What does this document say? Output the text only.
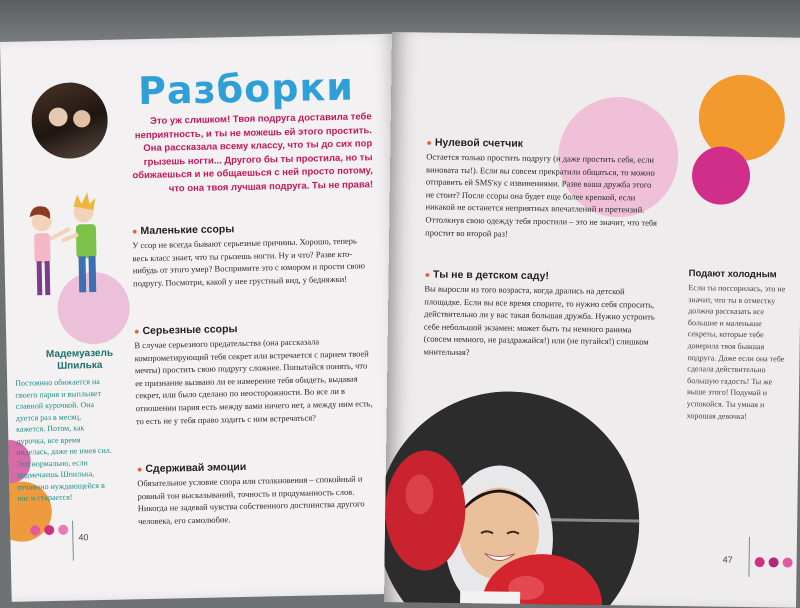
Разборки
Это уж слишком! Твоя подруга доставила тебе неприятность, и ты не можешь ей этого простить. Она рассказала всему классу, что ты до сих пор грызешь ногти... Другого бы ты простила, но ты обижаешься и не общаешься с ней просто потому, что она твоя лучшая подруга. Ты не права!

● Маленькие ссоры

У ссор не всегда бывают серьезные причины. Хорошо, теперь весь класс знает, что ты грызешь ногти. Ну и что? Разве кто-нибудь от этого умер? Воспримите это с юмором и прости свою подругу. Посмотри, какой у нее грустный вид, у бедняжки!

● Серьезные ссоры

В случае серьезного предательства (она рассказала компрометирующий тебя секрет или встречается с парнем твоей мечты) простить свою подругу сложнее. Попытайся понять, что ее признание вызвано ли ее намерение тебя обидеть, выдавая секрет, или было сделано по неосторожности. Во все ли в отношении парня есть между вами ничего нет, а между ним есть, то есть не у тебя право ходить с ним встречаться?

● Сдерживай эмоции

Обязательное условие спора или столкновения – спокойный и ровный тон высказываний, точность и продуманность слов. Никогда не задевай чувства собственного достоинства другого человека, его самолюбие.

Мадемуазель Шпилька
Постоянно обижается на своего парня и выплывет славной курочкой. Она дуется раз в месяц, кажется. Потом, как дурочка, все время виделась, даже не имея сил. Это нормально, если подмечаешь Шпилька, отчаянно нуждающейся в нас и старается!
40

● Нулевой счетчик

Остается только простить подругу (и даже простить себя, если виновата ты!). Если вы совсем прекратили общаться, то можно отправить ей SMS'ку с извинениями. Разве ваша дружба этого не стоит? После ссоры она будет еще более крепкой, если никакой не останется неприятных впечатлений и претензий. Оттолкнув свою одежду тебя простили – это не значит, что тебя простит во второй раз!

● Ты не в детском саду!

Вы выросли из того возраста, когда дрались на детской площадке. Если вы все время спорите, то нужно себя спросить, действительно ли у вас такая большая дружба. Нужно устроить себе небольшой экзамен: может быть ты немного ранима (совсем немного, не раздражайся!) или (не пугайся!) слишком мнительная?

Подают холодным
Если ты поссорилась, это не значит, что ты в отместку должна рассказать все большие и маленькие секреты, которые тебе доверила твоя бывшая подруга. Даже если она тебе сделала действительно большую гадость! Ты же выше этого! Подумай и успокойся. Ты умная и хорошая девочка!
47
